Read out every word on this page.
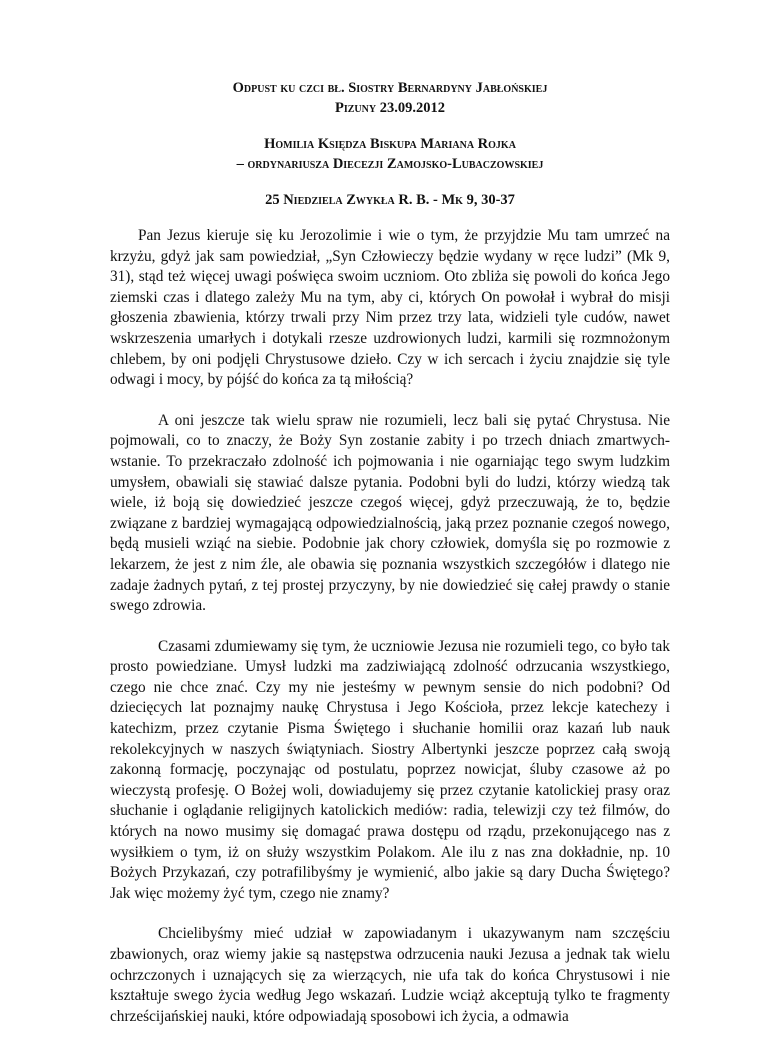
Odpust ku czci bł. Siostry Bernardyny Jabłońskiej

Pizuny 23.09.2012

Homilia Księdza Biskupa Mariana Rojka

– ordynariusza Diecezji Zamojsko-Lubaczowskiej

25 Niedziela Zwykła R. B. - Mk 9, 30-37

Pan Jezus kieruje się ku Jerozolimie i wie o tym, że przyjdzie Mu tam umrzeć na krzyżu, gdyż jak sam powiedział, „Syn Człowieczy będzie wydany w ręce ludzi” (Mk 9, 31), stąd też więcej uwagi poświęca swoim uczniom. Oto zbliża się powoli do końca Jego ziemski czas i dlatego zależy Mu na tym, aby ci, których On powołał i wybrał do misji głoszenia zbawienia, którzy trwali przy Nim przez trzy lata, widzieli tyle cudów, nawet wskrzeszenia umarłych i dotykali rzesze uzdrowionych ludzi, karmili się rozmnożonym chlebem, by oni podjęli Chrystusowe dzieło. Czy w ich sercach i życiu znajdzie się tyle odwagi i mocy, by pójść do końca za tą miłością?

A oni jeszcze tak wielu spraw nie rozumieli, lecz bali się pytać Chrystusa. Nie pojmowali, co to znaczy, że Boży Syn zostanie zabity i po trzech dniach zmartwychwstanie. To przekraczało zdolność ich pojmowania i nie ogarniając tego swym ludzkim umysłem, obawiali się stawiać dalsze pytania. Podobni byli do ludzi, którzy wiedzą tak wiele, iż boją się dowiedzieć jeszcze czegoś więcej, gdyż przeczuwają, że to, będzie związane z bardziej wymagającą odpowiedzialnością, jaką przez poznanie czegoś nowego, będą musieli wziąć na siebie. Podobnie jak chory człowiek, domyśla się po rozmowie z lekarzem, że jest z nim źle, ale obawia się poznania wszystkich szczegółów i dlatego nie zadaje żadnych pytań, z tej prostej przyczyny, by nie dowiedzieć się całej prawdy o stanie swego zdrowia.

Czasami zdumiewamy się tym, że uczniowie Jezusa nie rozumieli tego, co było tak prosto powiedziane. Umysł ludzki ma zadziwiającą zdolność odrzucania wszystkiego, czego nie chce znać. Czy my nie jesteśmy w pewnym sensie do nich podobni? Od dziecięcych lat poznajmy naukę Chrystusa i Jego Kościoła, przez lekcje katechezy i katechizm, przez czytanie Pisma Świętego i słuchanie homilii oraz kazań lub nauk rekolekcyjnych w naszych świątyniach. Siostry Albertynki jeszcze poprzez całą swoją zakonną formację, poczynając od postulatu, poprzez nowicjat, śluby czasowe aż po wieczystą profesję. O Bożej woli, dowiadujemy się przez czytanie katolickiej prasy oraz słuchanie i oglądanie religijnych katolickich mediów: radia, telewizji czy też filmów, do których na nowo musimy się domagać prawa dostępu od rządu, przekonującego nas z wysiłkiem o tym, iż on służy wszystkim Polakom. Ale ilu z nas zna dokładnie, np. 10 Bożych Przykazań, czy potrafilibyśmy je wymienić, albo jakie są dary Ducha Świętego? Jak więc możemy żyć tym, czego nie znamy?

Chcielibyśmy mieć udział w zapowiadanym i ukazywanym nam szczęściu zbawionych, oraz wiemy jakie są następstwa odrzucenia nauki Jezusa a jednak tak wielu ochrzczonych i uznających się za wierzących, nie ufa tak do końca Chrystusowi i nie kształtuje swego życia według Jego wskazań. Ludzie wciąż akceptują tylko te fragmenty chrześcijańskiej nauki, które odpowiadają sposobowi ich życia, a odmawia
